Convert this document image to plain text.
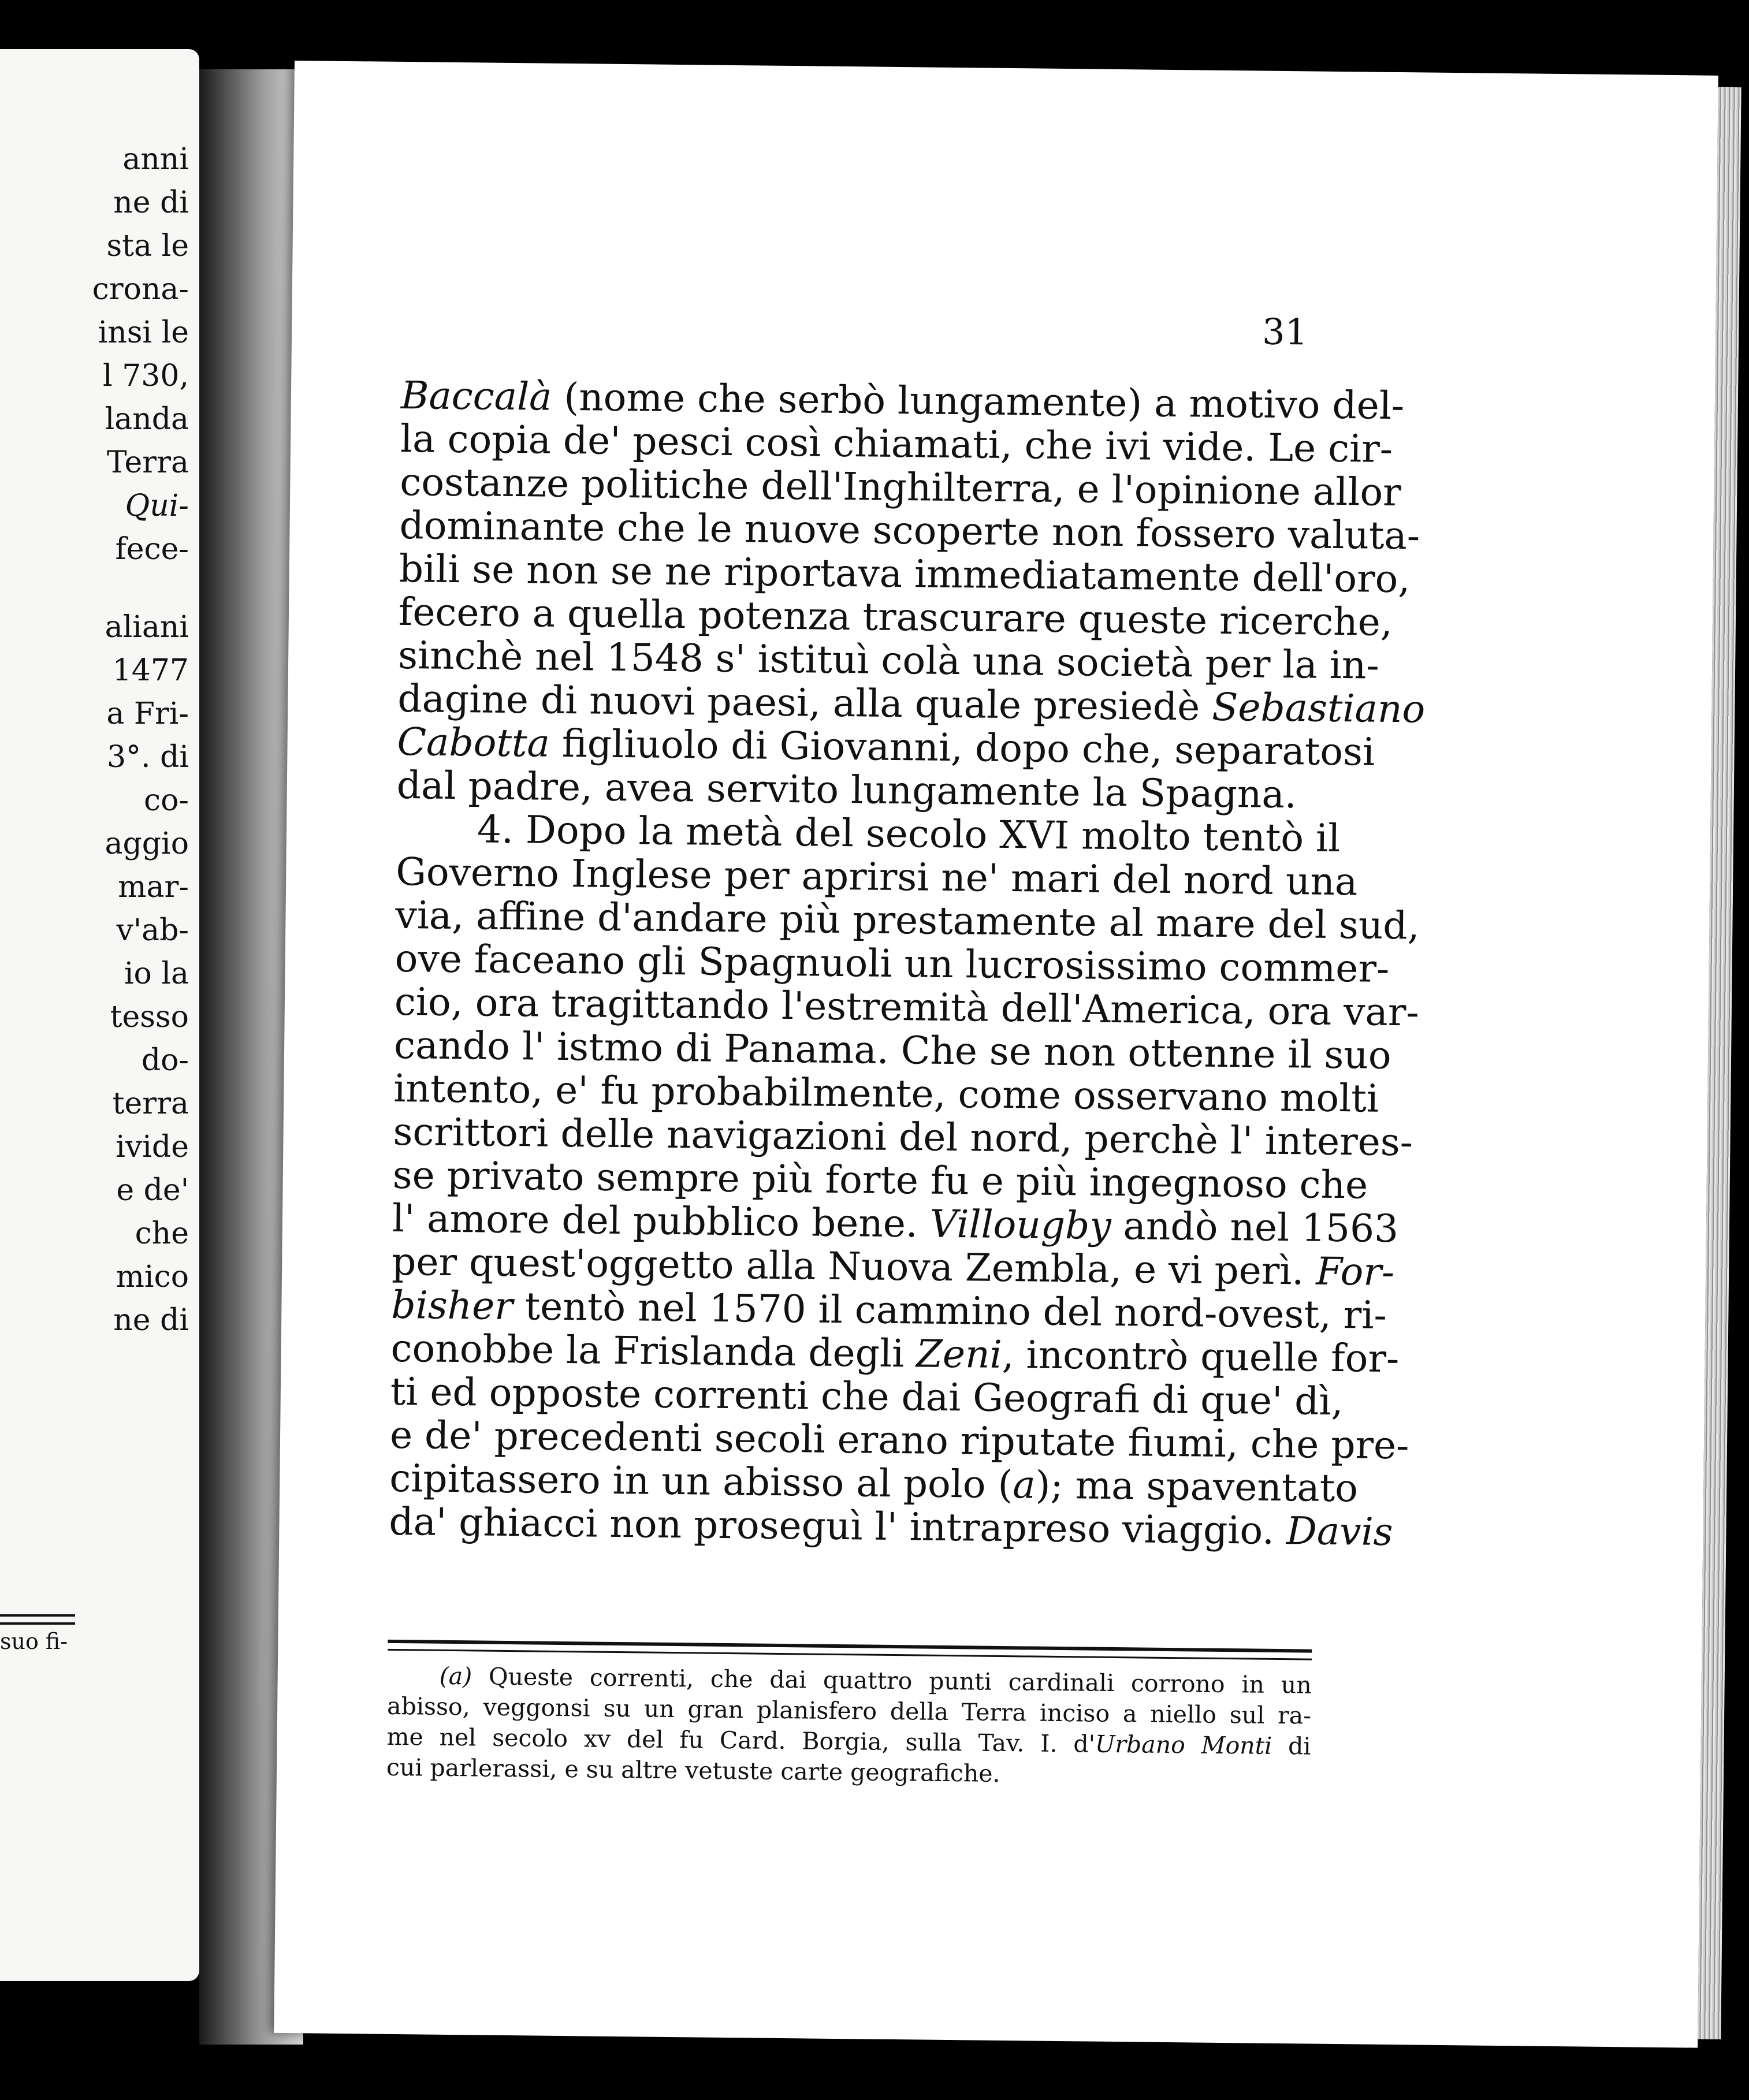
anni
ne di
sta le
crona-
insi le
l 730,
landa
Terra
Qui-
fece-
aliani
1477
a Fri-
3°. di
co-
aggio
mar-
v'ab-
io la
tesso
do-
terra
ivide
e de'
che
mico
ne di
suo fi-

31

Baccalà (nome che serbò lungamente) a motivo del-
la copia de' pesci così chiamati, che ivi vide. Le cir-
costanze politiche dell'Inghilterra, e l'opinione allor
dominante che le nuove scoperte non fossero valuta-
bili se non se ne riportava immediatamente dell'oro,
fecero a quella potenza trascurare queste ricerche,
sinchè nel 1548 s' istituì colà una società per la in-
dagine di nuovi paesi, alla quale presiedè Sebastiano
Cabotta figliuolo di Giovanni, dopo che, separatosi
dal padre, avea servito lungamente la Spagna.
4. Dopo la metà del secolo XVI molto tentò il
Governo Inglese per aprirsi ne' mari del nord una
via, affine d'andare più prestamente al mare del sud,
ove faceano gli Spagnuoli un lucrosissimo commer-
cio, ora tragittando l'estremità dell'America, ora var-
cando l' istmo di Panama. Che se non ottenne il suo
intento, e' fu probabilmente, come osservano molti
scrittori delle navigazioni del nord, perchè l' interes-
se privato sempre più forte fu e più ingegnoso che
l' amore del pubblico bene. Villougby andò nel 1563
per quest'oggetto alla Nuova Zembla, e vi perì. For-
bisher tentò nel 1570 il cammino del nord-ovest, ri-
conobbe la Frislanda degli Zeni, incontrò quelle for-
ti ed opposte correnti che dai Geografi di que' dì,
e de' precedenti secoli erano riputate fiumi, che pre-
cipitassero in un abisso al polo (a); ma spaventato
da' ghiacci non proseguì l' intrapreso viaggio. Davis
(a) Queste correnti, che dai quattro punti cardinali corrono in un
abisso, veggonsi su un gran planisfero della Terra inciso a niello sul ra-
me nel secolo xv del fu Card. Borgia, sulla Tav. I. d'Urbano Monti di
cui parlerassi, e su altre vetuste carte geografiche.
